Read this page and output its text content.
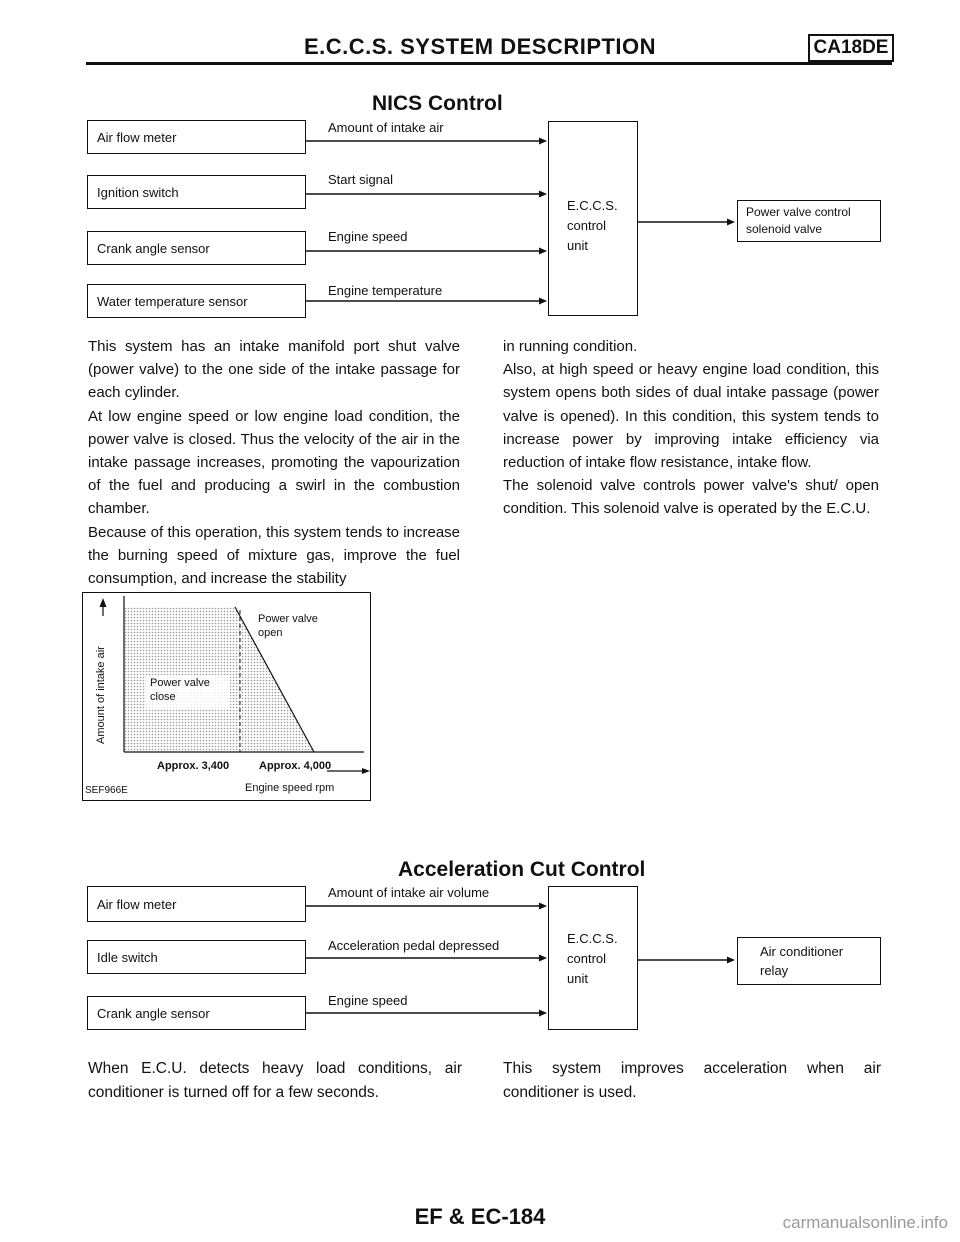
E.C.C.S. SYSTEM DESCRIPTION	CA18DE
NICS Control
Air flow meter
Ignition switch
Crank angle sensor
Water temperature sensor
Amount of intake air
Start signal
Engine speed
Engine temperature
E.C.C.S.
control
unit
Power valve control
solenoid valve

This system has an intake manifold port shut valve (power valve) to the one side of the intake passage for each cylinder.

At low engine speed or low engine load condition, the power valve is closed. Thus the velocity of the air in the intake passage increases, promoting the vapourization of the fuel and producing a swirl in the combustion chamber.

Because of this operation, this system tends to increase the burning speed of mixture gas, improve the fuel consumption, and increase the stability

in running condition.

Also, at high speed or heavy engine load condition, this system opens both sides of dual intake passage (power valve is opened). In this condition, this system tends to increase power by improving intake efficiency via reduction of intake flow resistance, intake flow.

The solenoid valve controls power valve's shut/ open condition. This solenoid valve is operated by the E.C.U.

Amount of intake air	Power valve
close
Power valve
open
Approx. 3,400	Approx. 4,000
Engine speed rpm
SEF966E
Acceleration Cut Control
Air flow meter
Idle switch
Crank angle sensor
Amount of intake air volume
Acceleration pedal depressed
Engine speed
E.C.C.S.
control
unit
Air conditioner
relay
When E.C.U. detects heavy load conditions, air conditioner is turned off for a few seconds.
This system improves acceleration when air conditioner is used.
EF & EC-184	carmanualsonline.info
